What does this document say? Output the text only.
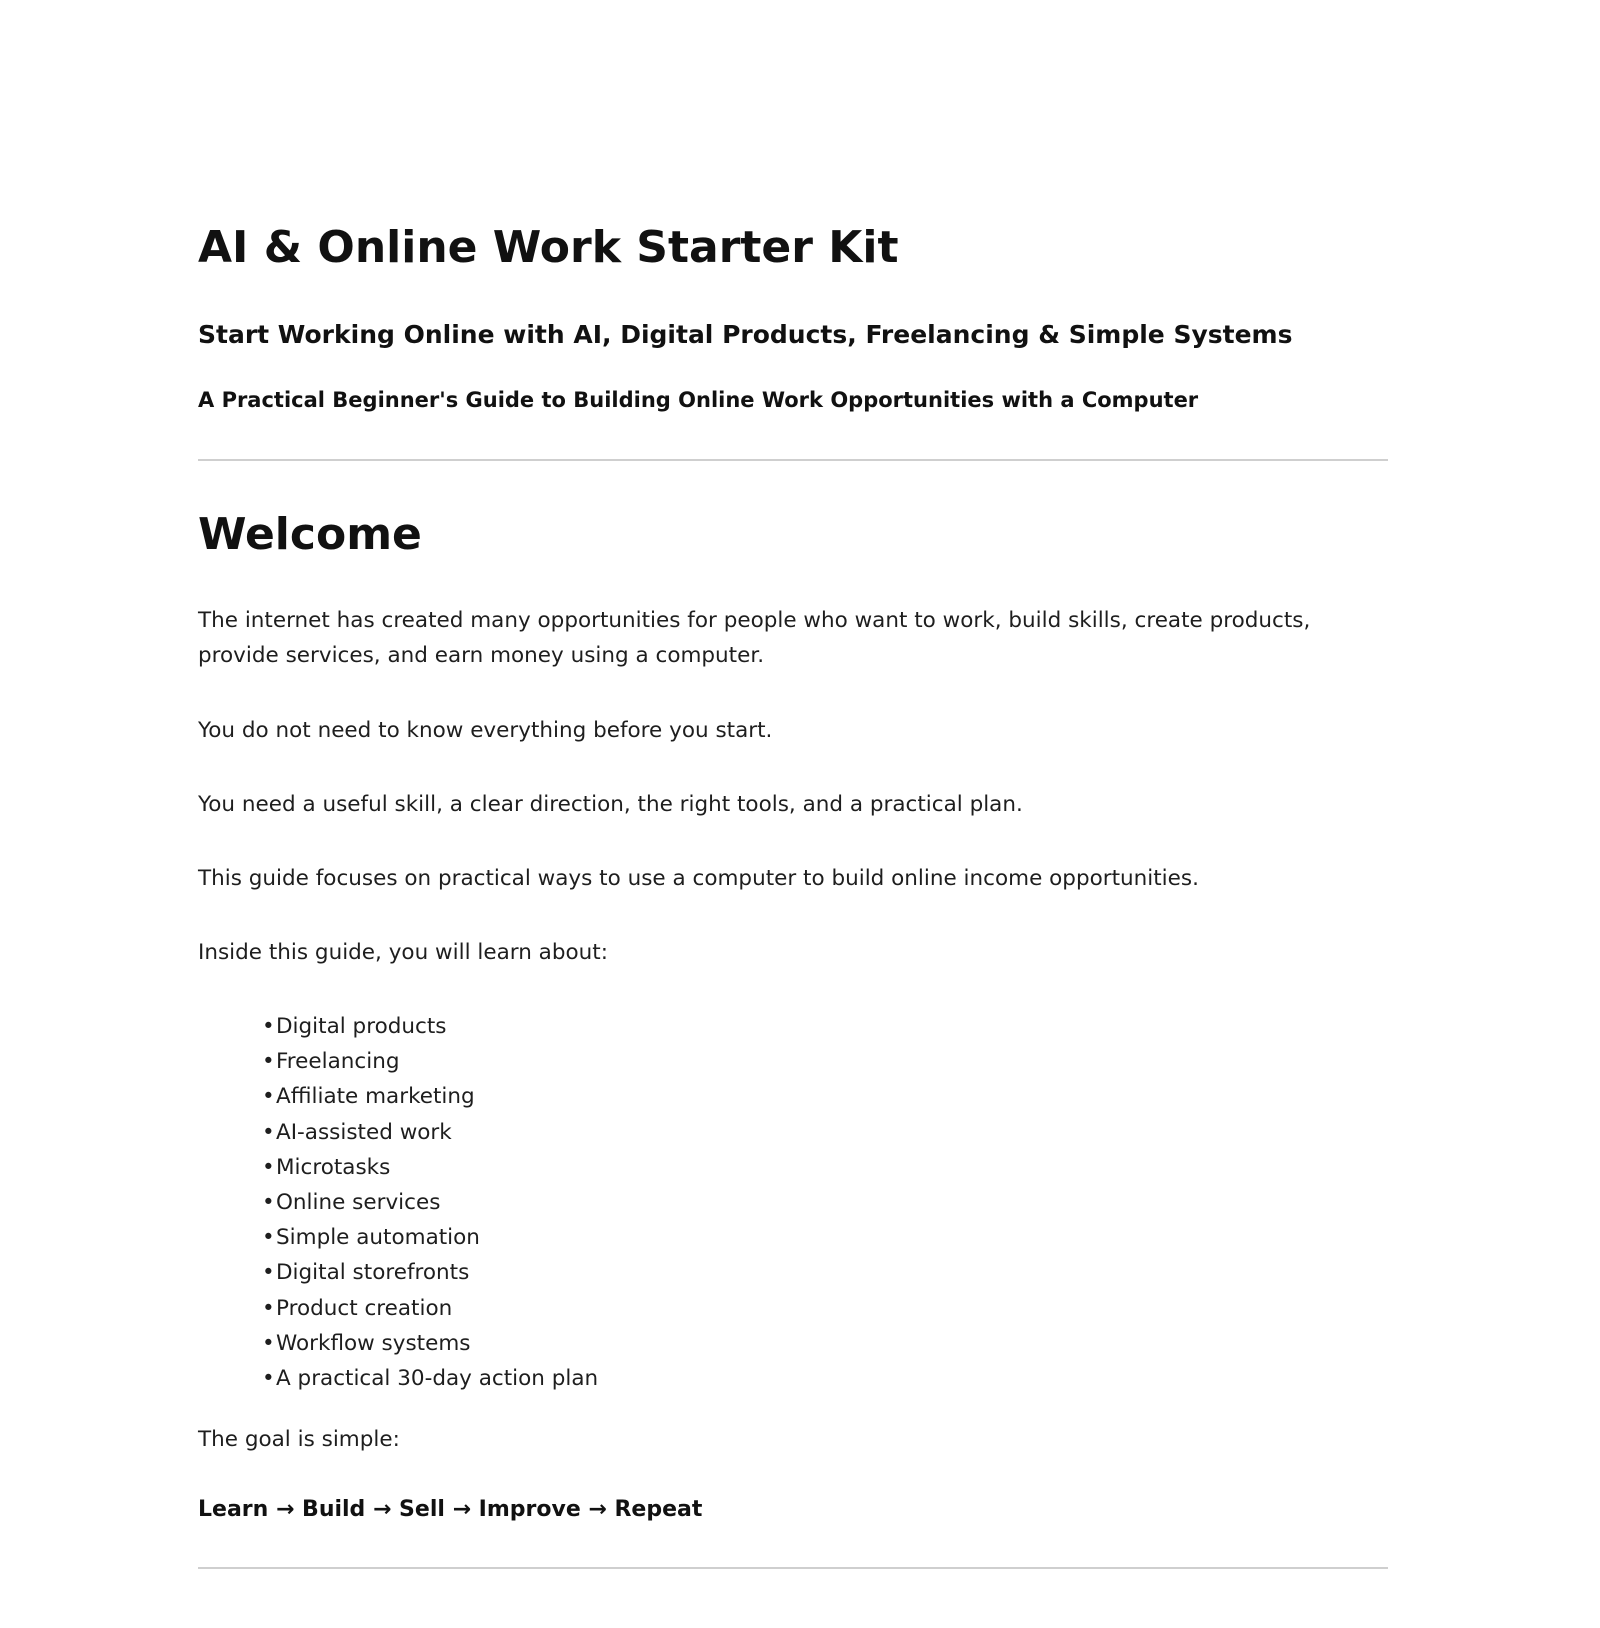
AI & Online Work Starter Kit
Start Working Online with AI, Digital Products, Freelancing & Simple Systems
A Practical Beginner's Guide to Building Online Work Opportunities with a Computer
Welcome

The internet has created many opportunities for people who want to work, build skills, create products, provide services, and earn money using a computer.

You do not need to know everything before you start.

You need a useful skill, a clear direction, the right tools, and a practical plan.

This guide focuses on practical ways to use a computer to build online income opportunities.

Inside this guide, you will learn about:

•Digital products
•Freelancing
•Affiliate marketing
•AI-assisted work
•Microtasks
•Online services
•Simple automation
•Digital storefronts
•Product creation
•Workflow systems
•A practical 30-day action plan

The goal is simple:

Learn → Build → Sell → Improve → Repeat
